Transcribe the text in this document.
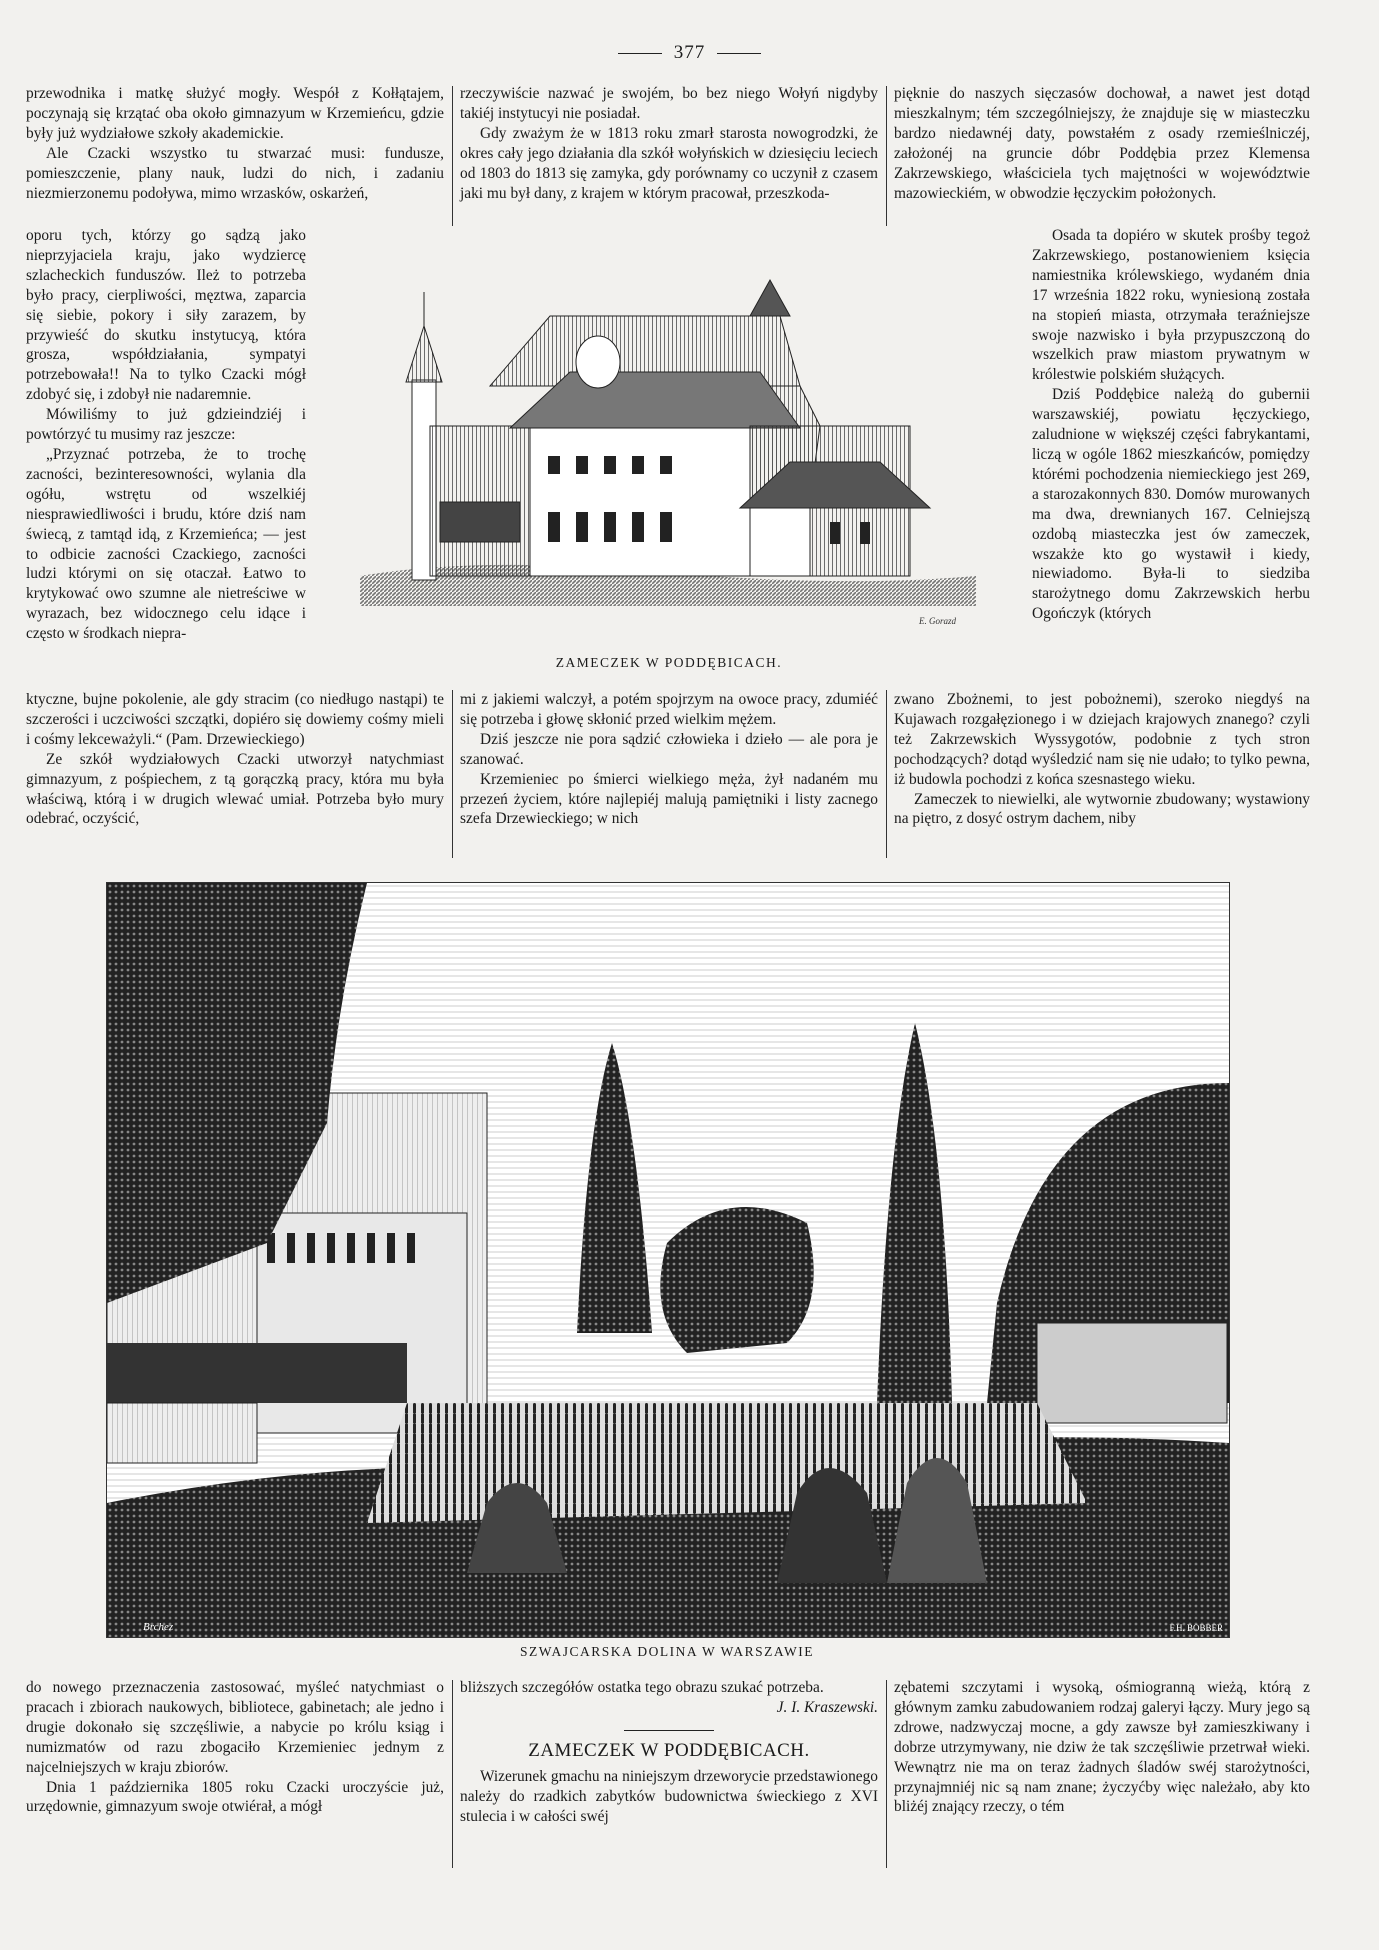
377

przewodnika i matkę służyć mogły. Wespół z Kołłątajem, poczynają się krzątać oba około gimnazyum w Krzemieńcu, gdzie były już wydziałowe szkoły akademickie.

Ale Czacki wszystko tu stwarzać musi: fundusze, pomieszczenie, plany nauk, ludzi do nich, i zadaniu niezmierzonemu podoływa, mimo wrzasków, oskarżeń,

oporu tych, którzy go sądzą jako nieprzyjaciela kraju, jako wydziercę szlacheckich funduszów. Ileż to potrzeba było pracy, cierpliwości, męztwa, zaparcia się siebie, pokory i siły zarazem, by przywieść do skutku instytucyą, która grosza, współdziałania, sympatyi potrzebowała!! Na to tylko Czacki mógł zdobyć się, i zdobył nie nadaremnie.

Mówiliśmy to już gdzieindziéj i powtórzyć tu musimy raz jeszcze:

„Przyznać potrzeba, że to trochę zacności, bezinteresowności, wylania dla ogółu, wstrętu od wszelkiéj niesprawiedliwości i brudu, które dziś nam świecą, z tamtąd idą, z Krzemieńca; — jest to odbicie zacności Czackiego, zacności ludzi którymi on się otaczał. Łatwo to krytykować owo szumne ale nietreściwe w wyrazach, bez widocznego celu idące i często w środkach niepra-

ktyczne, bujne pokolenie, ale gdy stracim (co niedługo nastąpi) te szczerości i uczciwości szczątki, dopiéro się dowiemy cośmy mieli i cośmy lekceważyli.“ (Pam. Drzewieckiego)

Ze szkół wydziałowych Czacki utworzył natychmiast gimnazyum, z pośpiechem, z tą gorączką pracy, która mu była właściwą, którą i w drugich wlewać umiał. Potrzeba było mury odebrać, oczyścić,

rzeczywiście nazwać je swojém, bo bez niego Wołyń nigdyby takiéj instytucyi nie posiadał.

Gdy zważym że w 1813 roku zmarł starosta nowogrodzki, że okres cały jego działania dla szkół wołyńskich w dziesięciu leciech od 1803 do 1813 się zamyka, gdy porównamy co uczynił z czasem jaki mu był dany, z krajem w którym pracował, przeszkoda-

E. Gorazd
ZAMECZEK W PODDĘBICACH.

mi z jakiemi walczył, a potém spojrzym na owoce pracy, zdumiéć się potrzeba i głowę skłonić przed wielkim mężem.

Dziś jeszcze nie pora sądzić człowieka i dzieło — ale pora je szanować.

Krzemieniec po śmierci wielkiego męża, żył nadaném mu przezeń życiem, które najlepiéj malują pamiętniki i listy zacnego szefa Drzewieckiego; w nich

pięknie do naszych sięczasów dochował, a nawet jest dotąd mieszkalnym; tém szczególniejszy, że znajduje się w miasteczku bardzo niedawnéj daty, powstałém z osady rzemieślniczéj, założonéj na gruncie dóbr Poddębia przez Klemensa Zakrzewskiego, właściciela tych majętności w województwie mazowieckiém, w obwodzie łęczyckim położonych.

Osada ta dopiéro w skutek prośby tegoż Zakrzewskiego, postanowieniem księcia namiestnika królewskiego, wydaném dnia 17 września 1822 roku, wyniesioną została na stopień miasta, otrzymała teraźniejsze swoje nazwisko i była przypuszczoną do wszelkich praw miastom prywatnym w królestwie polskiém służących.

Dziś Poddębice należą do gubernii warszawskiéj, powiatu łęczyckiego, zaludnione w większéj części fabrykantami, liczą w ogóle 1862 mieszkańców, pomiędzy którémi pochodzenia niemieckiego jest 269, a starozakonnych 830. Domów murowanych ma dwa, drewnianych 167. Celniejszą ozdobą miasteczka jest ów zameczek, wszakże kto go wystawił i kiedy, niewiadomo. Była-li to siedziba starożytnego domu Zakrzewskich herbu Ogończyk (których

zwano Zbożnemi, to jest pobożnemi), szeroko niegdyś na Kujawach rozgałęzionego i w dziejach krajowych znanego? czyli też Zakrzewskich Wyssygotów, podobnie z tych stron pochodzących? dotąd wyśledzić nam się nie udało; to tylko pewna, iż budowla pochodzi z końca szesnastego wieku.

Zameczek to niewielki, ale wytwornie zbudowany; wystawiony na piętro, z dosyć ostrym dachem, niby

Brchez	F.H. BOBBER
SZWAJCARSKA DOLINA W WARSZAWIE

do nowego przeznaczenia zastosować, myśleć natychmiast o pracach i zbiorach naukowych, bibliotece, gabinetach; ale jedno i drugie dokonało się szczęśliwie, a nabycie po królu ksiąg i numizmatów od razu zbogaciło Krzemieniec jednym z najcelniejszych w kraju zbiorów.

Dnia 1 października 1805 roku Czacki uroczyście już, urzędownie, gimnazyum swoje otwiérał, a mógł

bliższych szczegółów ostatka tego obrazu szukać potrzeba.

J. I. Kraszewski.

ZAMECZEK W PODDĘBICACH.

Wizerunek gmachu na niniejszym drzeworycie przedstawionego należy do rzadkich zabytków budownictwa świeckiego z XVI stulecia i w całości swéj

zębatemi szczytami i wysoką, ośmiogranną wieżą, którą z głównym zamku zabudowaniem rodzaj galeryi łączy. Mury jego są zdrowe, nadzwyczaj mocne, a gdy zawsze był zamieszkiwany i dobrze utrzymywany, nie dziw że tak szczęśliwie przetrwał wieki. Wewnątrz nie ma on teraz żadnych śladów swéj starożytności, przynajmniéj nic są nam znane; życzyćby więc należało, aby kto bliżéj znający rzeczy, o tém
